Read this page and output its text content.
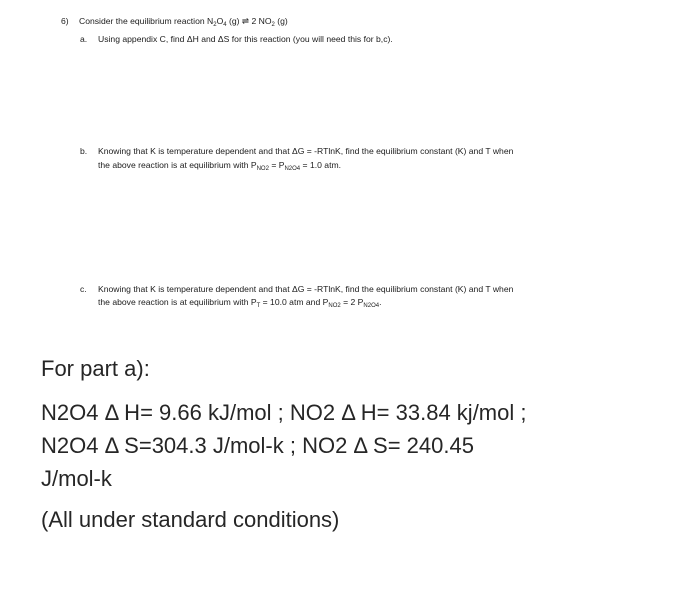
6) Consider the equilibrium reaction $N_2O_4$ (g) ⇌ 2 $NO_2$ (g)
a. Using appendix C, find ΔH and ΔS for this reaction (you will need this for b,c).
b. Knowing that K is temperature dependent and that ΔG = -RTlnK, find the equilibrium constant (K) and T when
the above reaction is at equilibrium with $P_{NO2} = P_{N2O4} = 1.0$ atm.
c. Knowing that K is temperature dependent and that ΔG = -RTlnK, find the equilibrium constant (K) and T when
the above reaction is at equilibrium with $P_T = 10.0$ atm and $P_{NO2} = 2$ $P_{N2O4}$.
For part a):
N2O4 Δ H= 9.66 kJ/mol ; NO2 Δ H= 33.84 kj/mol ;
N2O4 Δ S=304.3 J/mol-k ; NO2 Δ S= 240.45
J/mol-k
(All under standard conditions)
